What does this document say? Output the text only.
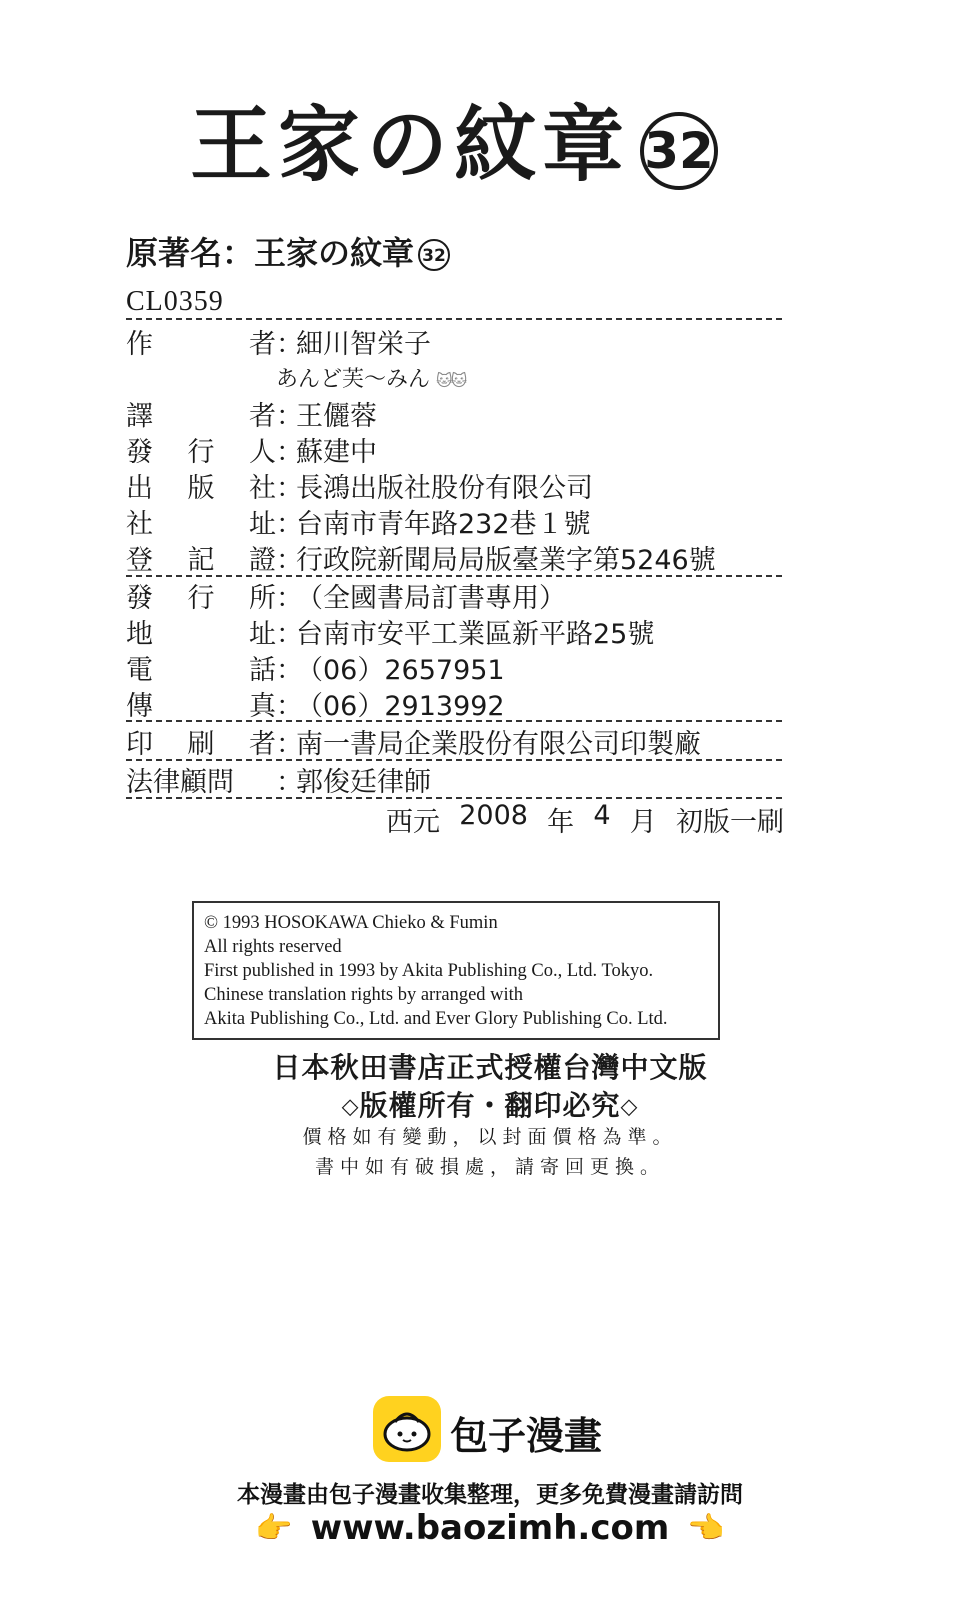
王家の紋章 32
原著名：王家の紋章 32
CL0359
作	者 ：
細川智栄子
あんど芙〜みん 🐱🐱
譯	者 ：
王儷蓉
發 行 人 ：
蘇建中
出 版 社 ：
長鴻出版社股份有限公司
社	址 ：
台南市青年路232巷１號
登 記 證 ：
行政院新聞局局版臺業字第5246號
發 行 所 ：
（全國書局訂書專用）
地	址 ：
台南市安平工業區新平路25號
電	話 ：
（06）2657951
傳	真 ：
（06）2913992
印 刷 者 ：
南一書局企業股份有限公司印製廠
法律顧問 ：
郭俊廷律師
西元 2008 年 4 月 初版一刷
© 1993 HOSOKAWA Chieko & Fumin
All rights reserved
First published in 1993 by Akita Publishing Co., Ltd. Tokyo.
Chinese translation rights by arranged with
Akita Publishing Co., Ltd. and Ever Glory Publishing Co. Ltd.
日本秋田書店正式授權台灣中文版
◇版權所有・翻印必究◇
價格如有變動，以封面價格為準。
書中如有破損處，請寄回更換。
包子漫畫
本漫畫由包子漫畫收集整理，更多免費漫畫請訪問
👉 www.baozimh.com 👈
